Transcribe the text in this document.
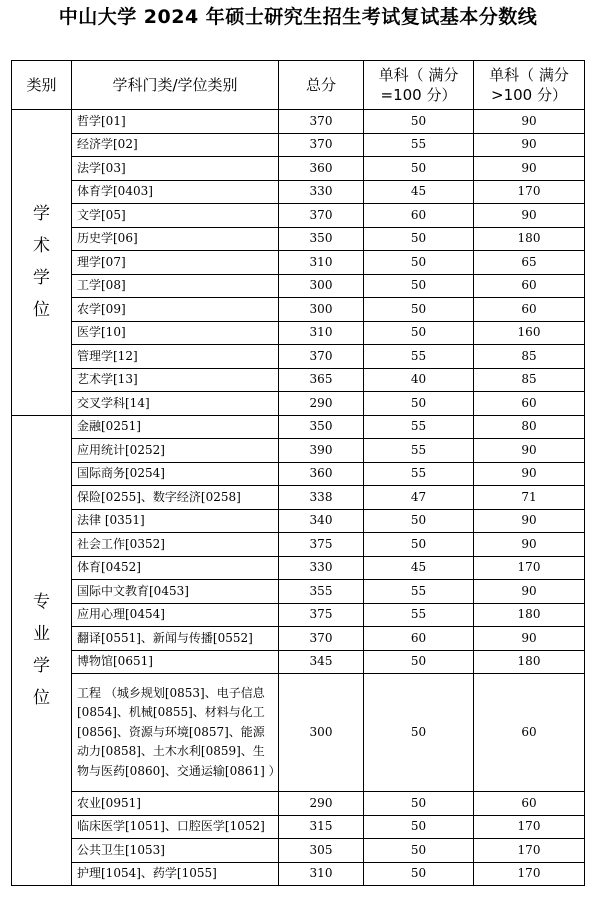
中山大学 2024 年硕士研究生招生考试复试基本分数线
类别	学科门类/学位类别	总分	单科（ 满分=100 分）	单科（ 满分>100 分）

学
术
学
位	哲学[01]	370	50	90
	经济学[02]	370	55	90
	法学[03]	360	50	90
	体育学[0403]	330	45	170
	文学[05]	370	60	90
	历史学[06]	350	50	180
	理学[07]	310	50	65
	工学[08]	300	50	60
	农学[09]	300	50	60
	医学[10]	310	50	160
	管理学[12]	370	55	85
	艺术学[13]	365	40	85
	交叉学科[14]	290	50	60

专
业
学
位	金融[0251]	350	55	80
	应用统计[0252]	390	55	90
	国际商务[0254]	360	55	90
	保险[0255]、数字经济[0258]	338	47	71
	法律 [0351]	340	50	90
	社会工作[0352]	375	50	90
	体育[0452]	330	45	170
	国际中文教育[0453]	355	55	90
	应用心理[0454]	375	55	180
	翻译[0551]、新闻与传播[0552]	370	60	90
	博物馆[0651]	345	50	180
	工程 （城乡规划[0853]、电子信息[0854]、机械[0855]、材料与化工[0856]、资源与环境[0857]、能源动力[0858]、土木水利[0859]、生物与医药[0860]、交通运输[0861] ）	300	50	60
	农业[0951]	290	50	60
	临床医学[1051]、口腔医学[1052]	315	50	170
	公共卫生[1053]	305	50	170
	护理[1054]、药学[1055]	310	50	170
